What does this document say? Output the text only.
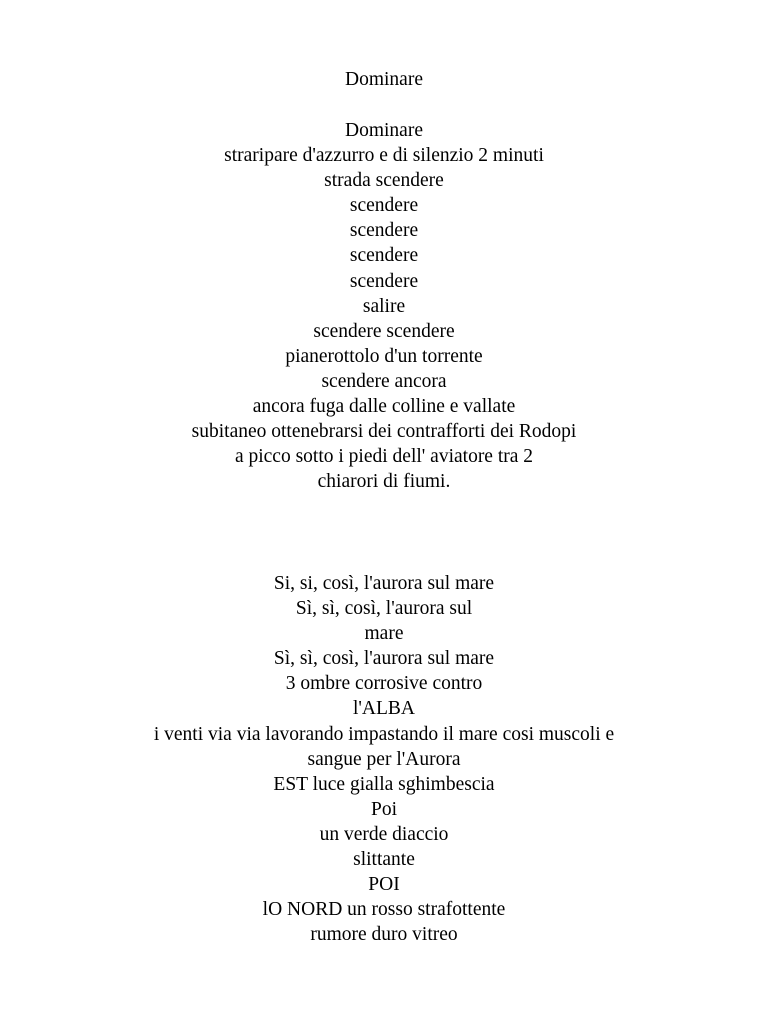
Dominare
Dominare
straripare d'azzurro e di silenzio 2 minuti
strada scendere
scendere
scendere
scendere
scendere
salire
scendere scendere
pianerottolo d'un torrente
scendere ancora
ancora fuga dalle colline e vallate
subitaneo ottenebrarsi dei contrafforti dei Rodopi
a picco sotto i piedi dell' aviatore tra 2
chiarori di fiumi.
Si, si, così, l'aurora sul mare
Sì, sì, così, l'aurora sul
mare
Sì, sì, così, l'aurora sul mare
3 ombre corrosive contro
l'ALBA
i venti via via lavorando impastando il mare cosi muscoli e
sangue per l'Aurora
EST luce gialla sghimbescia
Poi
un verde diaccio
slittante
POI
lO NORD un rosso strafottente
rumore duro vitreo
